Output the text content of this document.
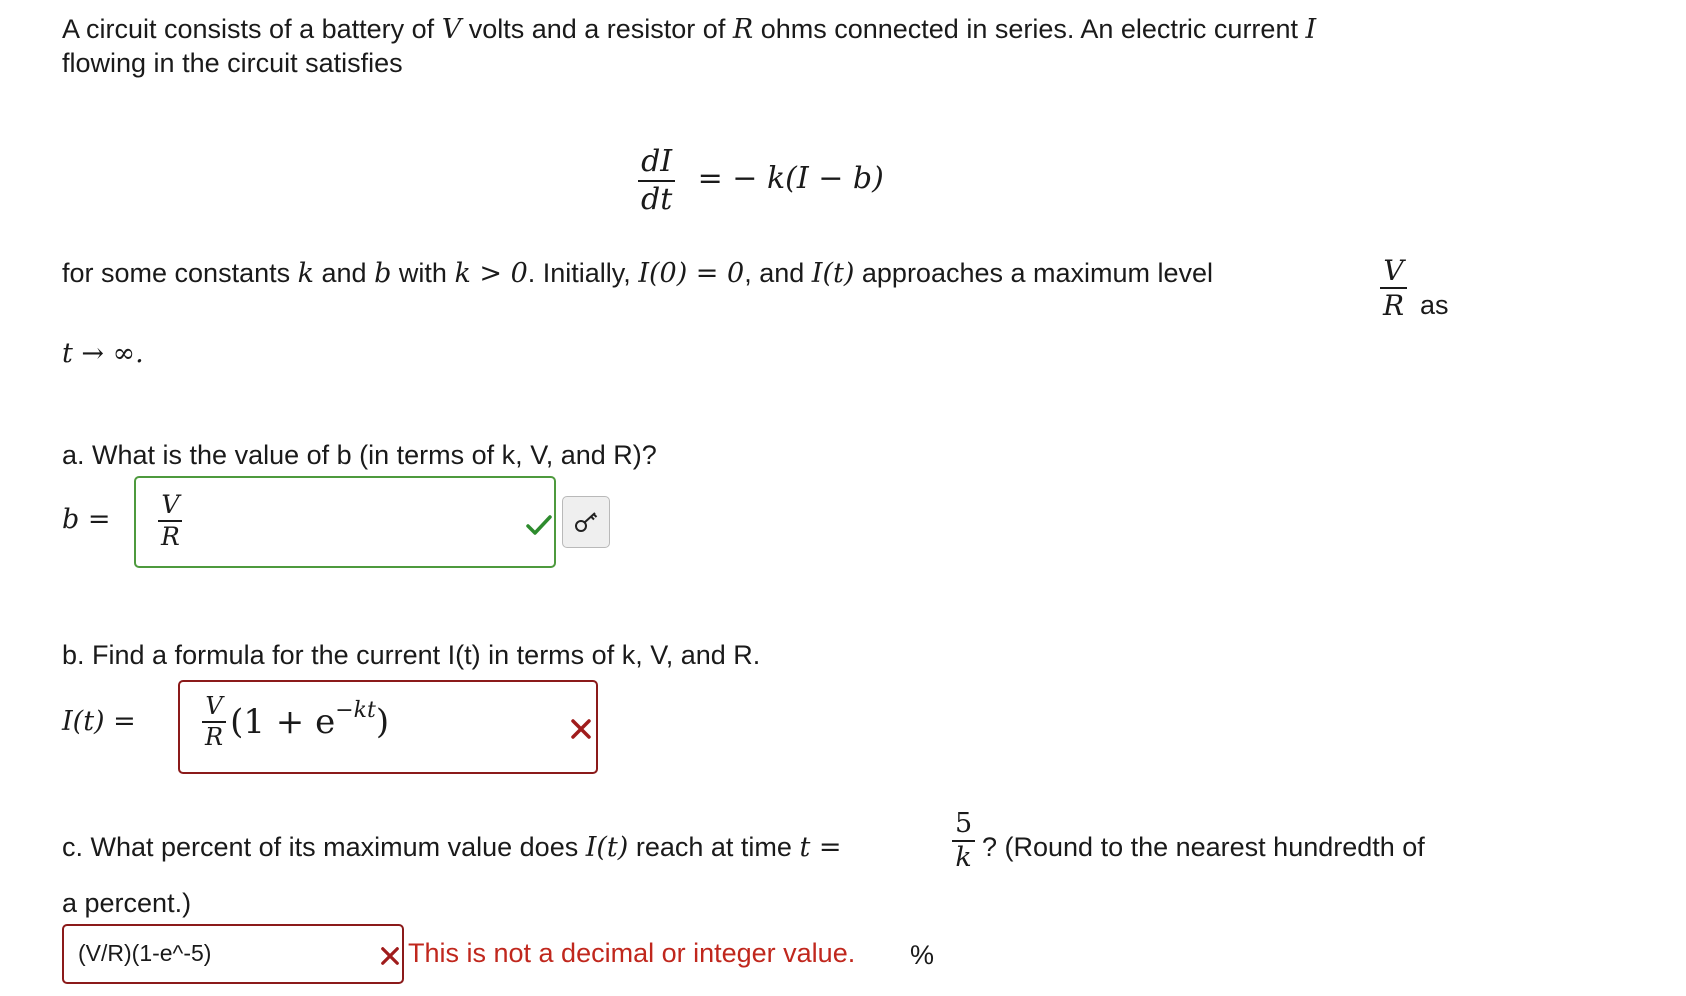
A circuit consists of a battery of V volts and a resistor of R ohms connected in series. An electric current I
flowing in the circuit satisfies
$\frac{dI}{dt}$ = − k(I − b)
for some constants k and b with k > 0. Initially, I(0) = 0, and I(t) approaches a maximum level	$\frac{V}{R}$ as
t → ∞.
a. What is the value of b (in terms of k, V, and R)?
$b = \frac{V}{R}$
b. Find a formula for the current I(t) in terms of k, V, and R.
I(t) =	$\frac{V}{R} (1 + e^{-kt}$ )
c. What percent of its maximum value does I(t) reach at time t =	$\frac{5}{k}$ ? (Round to the nearest hundredth of
a percent.)
(V/R)(1-e^-5)	This is not a decimal or integer value. %
